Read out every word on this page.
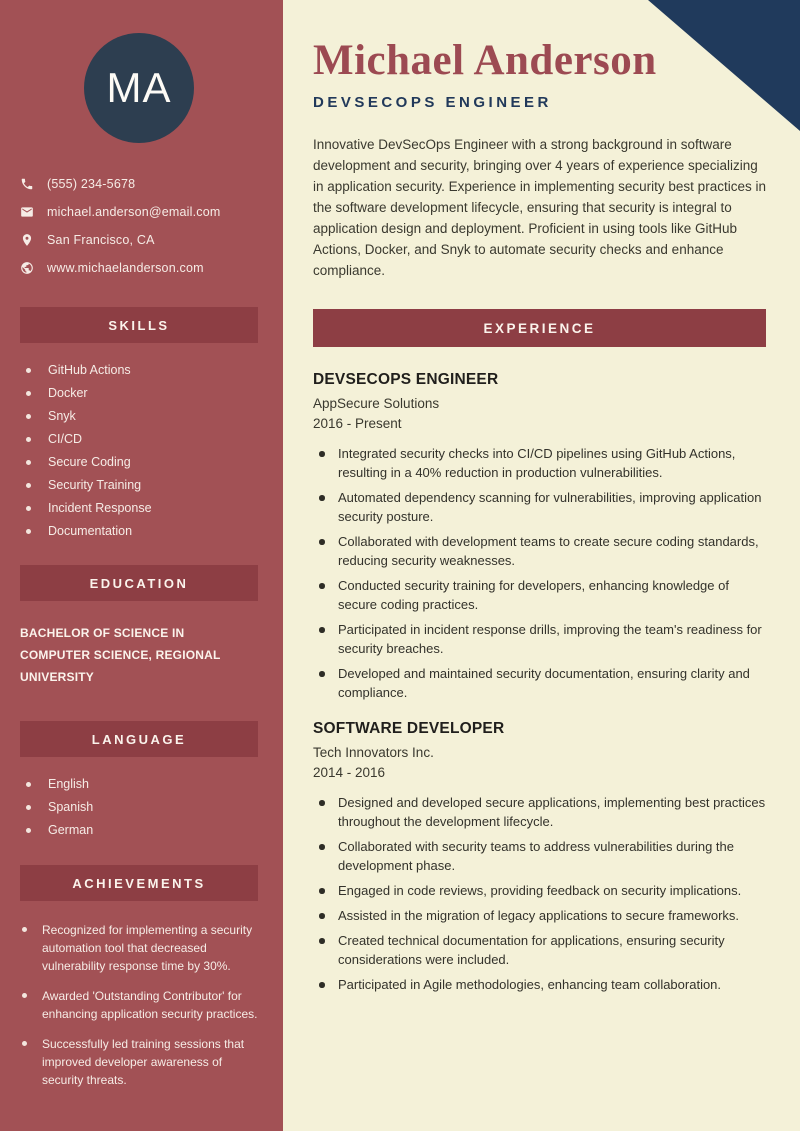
MA
(555) 234-5678
michael.anderson@email.com
San Francisco, CA
www.michaelanderson.com
SKILLS
GitHub Actions
Docker
Snyk
CI/CD
Secure Coding
Security Training
Incident Response
Documentation
EDUCATION

BACHELOR OF SCIENCE IN COMPUTER SCIENCE, REGIONAL UNIVERSITY

LANGUAGE
English
Spanish
German
ACHIEVEMENTS
Recognized for implementing a security automation tool that decreased vulnerability response time by 30%.
Awarded 'Outstanding Contributor' for enhancing application security practices.
Successfully led training sessions that improved developer awareness of security threats.
Michael Anderson
DEVSECOPS ENGINEER

Innovative DevSecOps Engineer with a strong background in software development and security, bringing over 4 years of experience specializing in application security. Experience in implementing security best practices in the software development lifecycle, ensuring that security is integral to application design and deployment. Proficient in using tools like GitHub Actions, Docker, and Snyk to automate security checks and enhance compliance.

EXPERIENCE
DEVSECOPS ENGINEER
AppSecure Solutions
2016 - Present
Integrated security checks into CI/CD pipelines using GitHub Actions, resulting in a 40% reduction in production vulnerabilities.
Automated dependency scanning for vulnerabilities, improving application security posture.
Collaborated with development teams to create secure coding standards, reducing security weaknesses.
Conducted security training for developers, enhancing knowledge of secure coding practices.
Participated in incident response drills, improving the team's readiness for security breaches.
Developed and maintained security documentation, ensuring clarity and compliance.
SOFTWARE DEVELOPER
Tech Innovators Inc.
2014 - 2016
Designed and developed secure applications, implementing best practices throughout the development lifecycle.
Collaborated with security teams to address vulnerabilities during the development phase.
Engaged in code reviews, providing feedback on security implications.
Assisted in the migration of legacy applications to secure frameworks.
Created technical documentation for applications, ensuring security considerations were included.
Participated in Agile methodologies, enhancing team collaboration.
